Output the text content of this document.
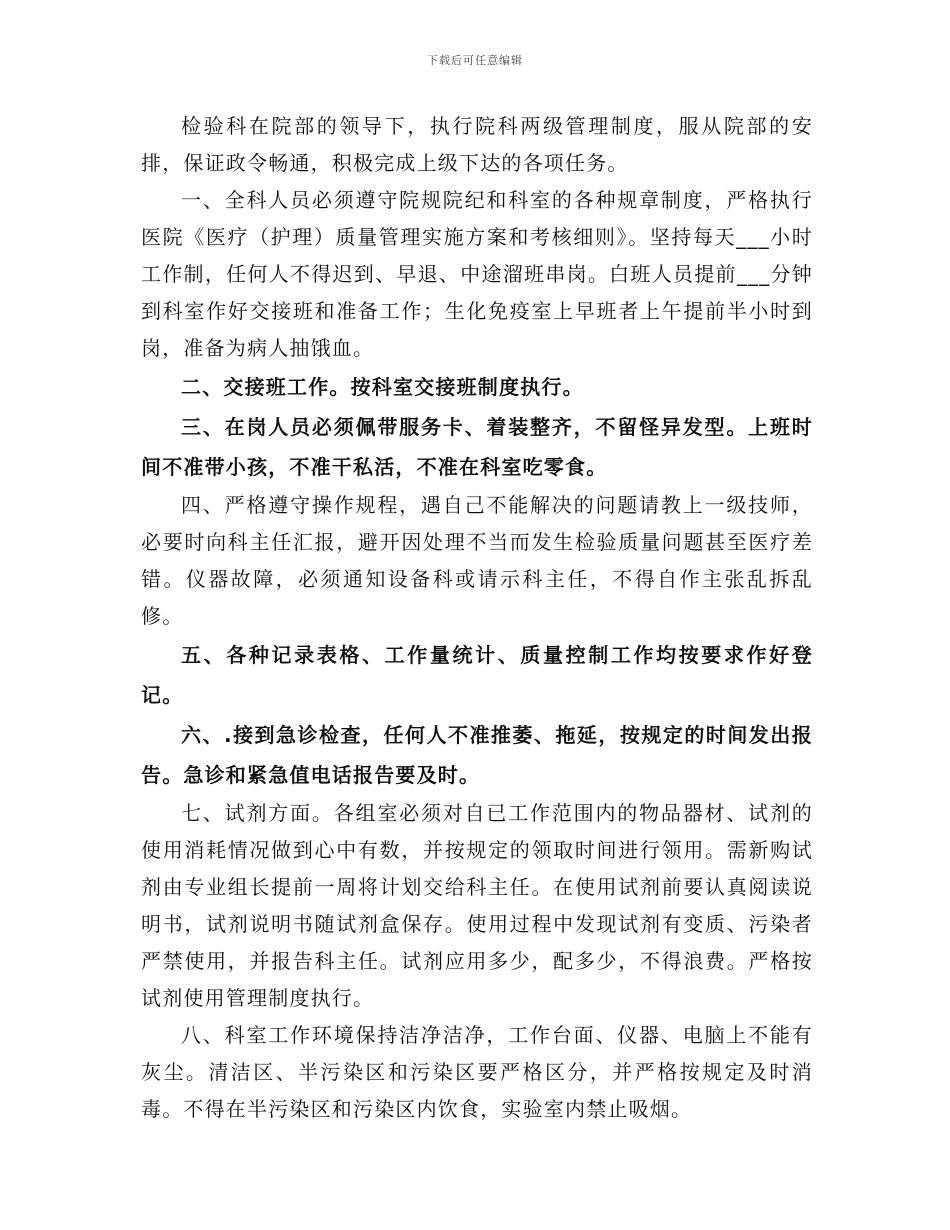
下载后可任意编辑

检验科在院部的领导下，执行院科两级管理制度，服从院部的安排，保证政令畅通，积极完成上级下达的各项任务。

一、全科人员必须遵守院规院纪和科室的各种规章制度，严格执行医院《医疗（护理）质量管理实施方案和考核细则》。坚持每天___小时工作制，任何人不得迟到、早退、中途溜班串岗。白班人员提前___分钟到科室作好交接班和准备工作；生化免疫室上早班者上午提前半小时到岗，准备为病人抽饿血。

二、交接班工作。按科室交接班制度执行。

三、在岗人员必须佩带服务卡、着装整齐，不留怪异发型。上班时间不准带小孩，不准干私活，不准在科室吃零食。

四、严格遵守操作规程，遇自己不能解决的问题请教上一级技师，必要时向科主任汇报，避开因处理不当而发生检验质量问题甚至医疗差错。仪器故障，必须通知设备科或请示科主任，不得自作主张乱拆乱修。

五、各种记录表格、工作量统计、质量控制工作均按要求作好登记。

六、.接到急诊检查，任何人不准推萎、拖延，按规定的时间发出报告。急诊和紧急值电话报告要及时。

七、试剂方面。各组室必须对自已工作范围内的物品器材、试剂的使用消耗情况做到心中有数，并按规定的领取时间进行领用。需新购试剂由专业组长提前一周将计划交给科主任。在使用试剂前要认真阅读说明书，试剂说明书随试剂盒保存。使用过程中发现试剂有变质、污染者严禁使用，并报告科主任。试剂应用多少，配多少，不得浪费。严格按试剂使用管理制度执行。

八、科室工作环境保持洁净洁净，工作台面、仪器、电脑上不能有灰尘。清洁区、半污染区和污染区要严格区分，并严格按规定及时消毒。不得在半污染区和污染区内饮食，实验室内禁止吸烟。
